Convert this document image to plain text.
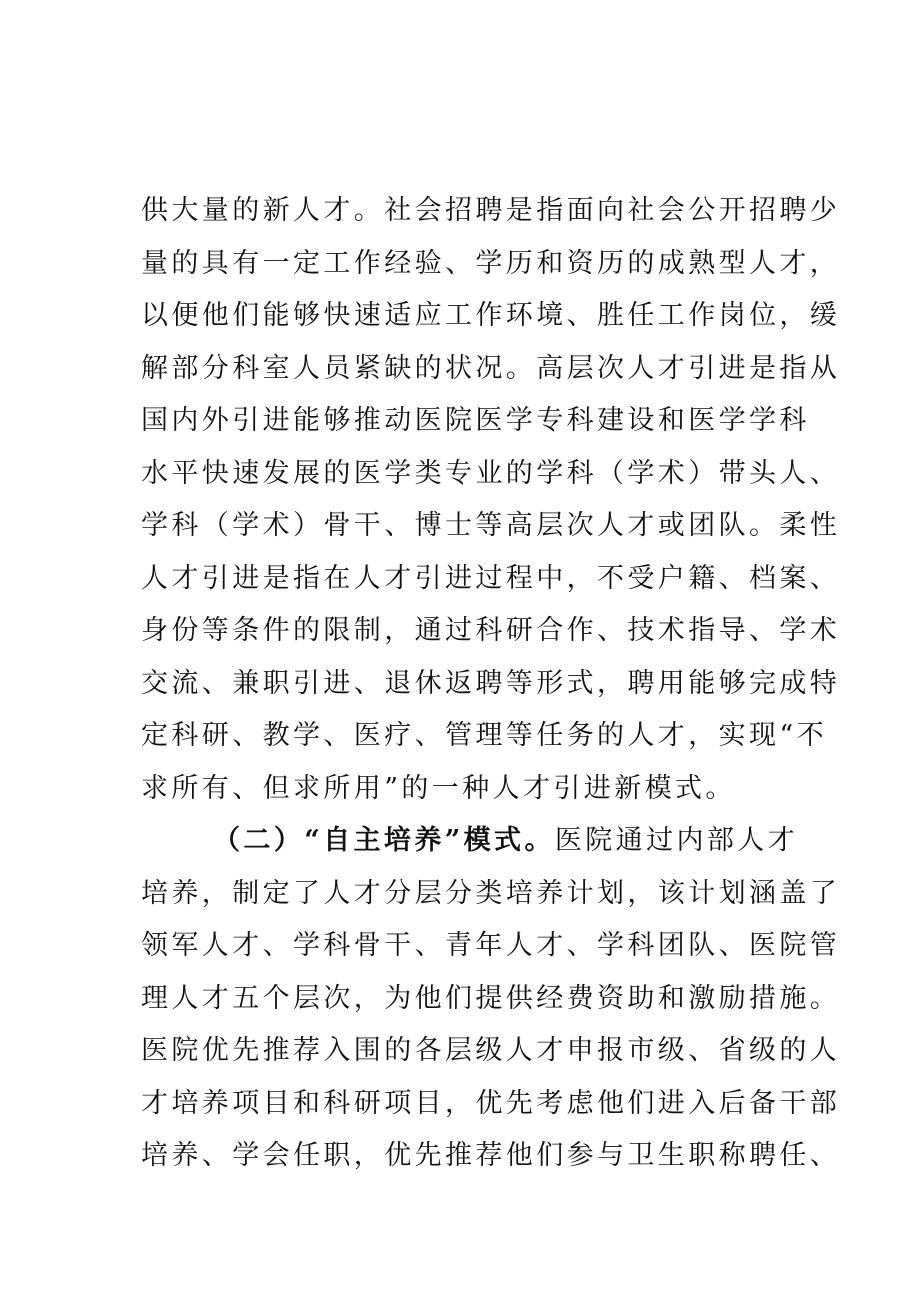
供大量的新人才。社会招聘是指面向社会公开招聘少
量的具有一定工作经验、学历和资历的成熟型人才，
以便他们能够快速适应工作环境、胜任工作岗位，缓
解部分科室人员紧缺的状况。高层次人才引进是指从
国内外引进能够推动医院医学专科建设和医学学科
水平快速发展的医学类专业的学科（学术）带头人、
学科（学术）骨干、博士等高层次人才或团队。柔性
人才引进是指在人才引进过程中，不受户籍、档案、
身份等条件的限制，通过科研合作、技术指导、学术
交流、兼职引进、退休返聘等形式，聘用能够完成特
定科研、教学、医疗、管理等任务的人才，实现“不
求所有、但求所用”的一种人才引进新模式。
（二）“自主培养”模式。医院通过内部人才
培养，制定了人才分层分类培养计划，该计划涵盖了
领军人才、学科骨干、青年人才、学科团队、医院管
理人才五个层次，为他们提供经费资助和激励措施。
医院优先推荐入围的各层级人才申报市级、省级的人
才培养项目和科研项目，优先考虑他们进入后备干部
培养、学会任职，优先推荐他们参与卫生职称聘任、
